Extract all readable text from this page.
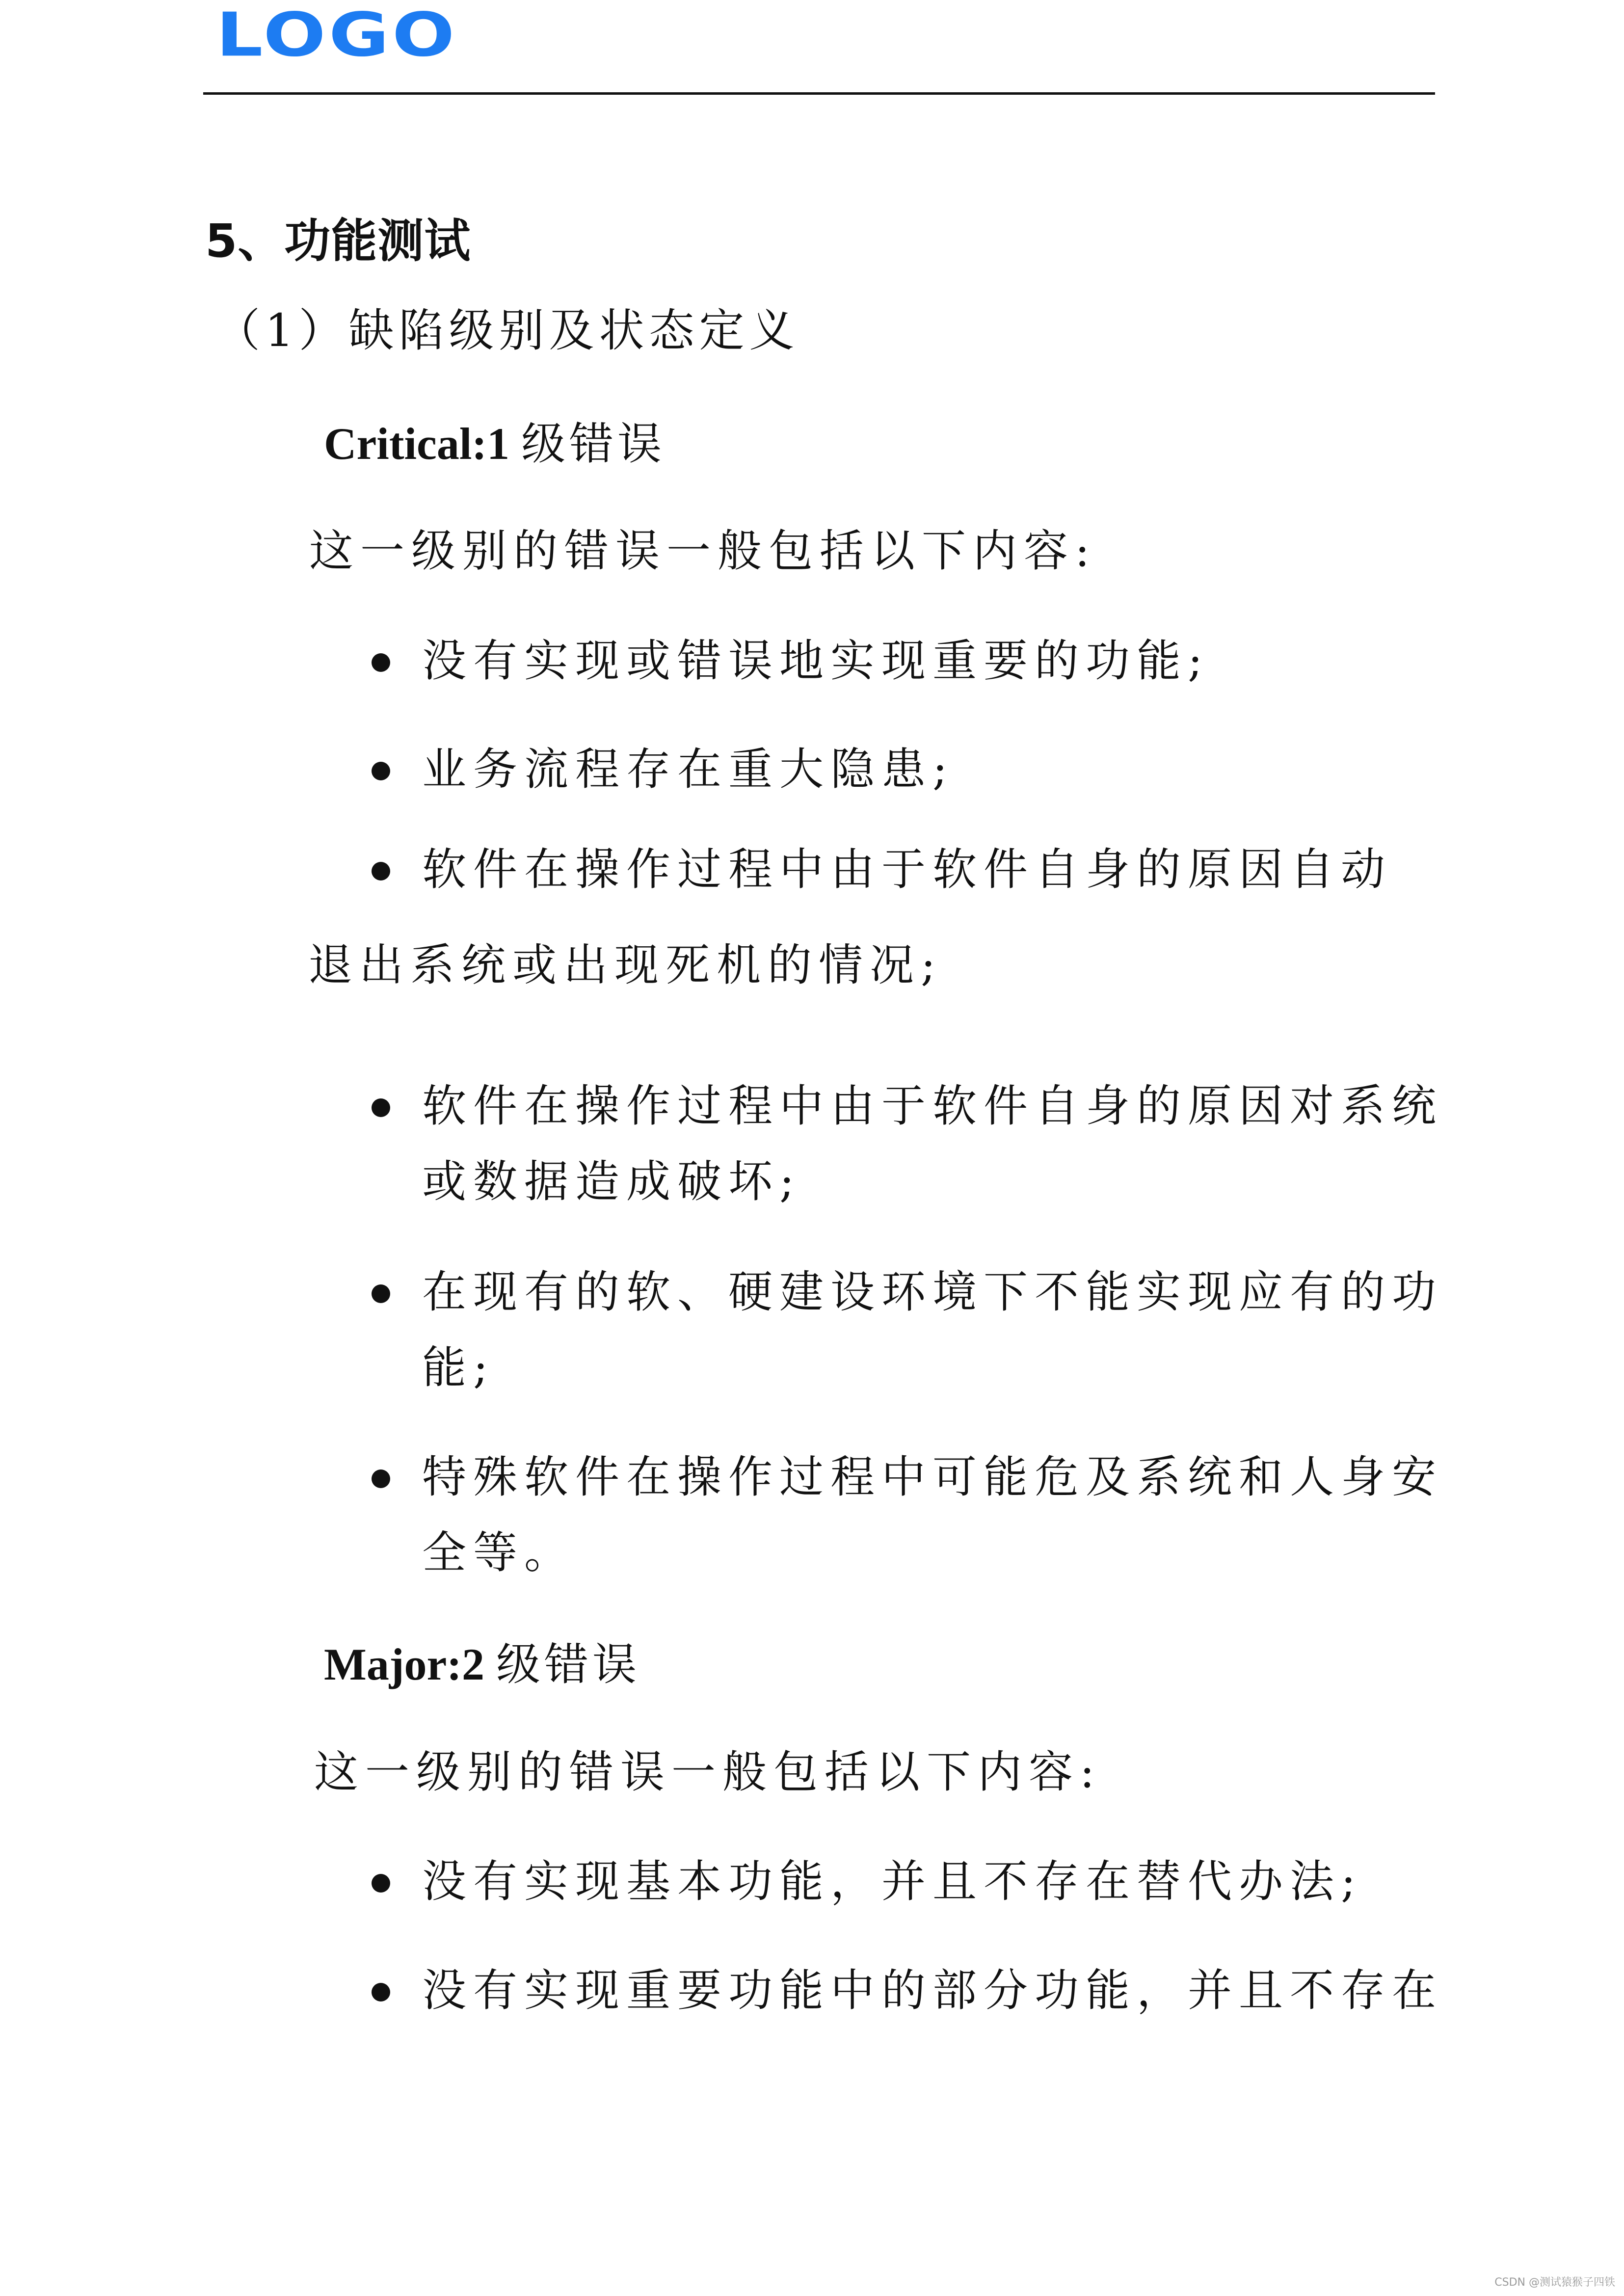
LOGO
5、功能测试
（1）缺陷级别及状态定义
Critical:1 级错误
这一级别的错误一般包括以下内容:
没有实现或错误地实现重要的功能;
业务流程存在重大隐患;
软件在操作过程中由于软件自身的原因自动
退出系统或出现死机的情况;
软件在操作过程中由于软件自身的原因对系统
或数据造成破坏;
在现有的软、硬建设环境下不能实现应有的功
能;
特殊软件在操作过程中可能危及系统和人身安
全等。
Major:2 级错误
这一级别的错误一般包括以下内容:
没有实现基本功能，并且不存在替代办法;
没有实现重要功能中的部分功能，并且不存在
CSDN @测试猿猴子四铁
